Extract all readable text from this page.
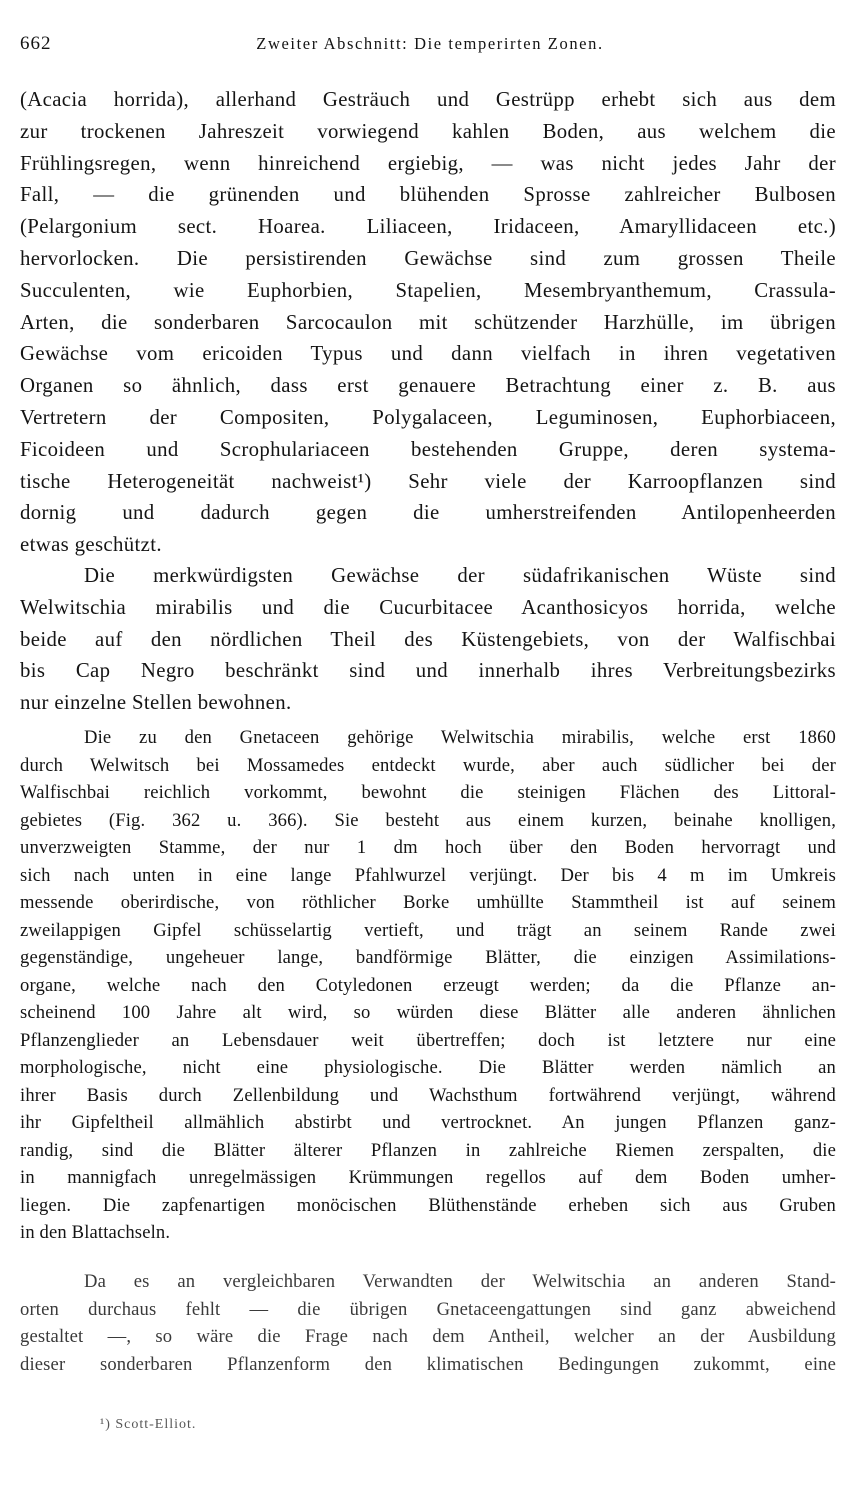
662	Zweiter Abschnitt: Die temperirten Zonen.
(Acacia horrida), allerhand Gesträuch und Gestrüpp erhebt sich aus dem
zur trockenen Jahreszeit vorwiegend kahlen Boden, aus welchem die
Frühlingsregen, wenn hinreichend ergiebig, — was nicht jedes Jahr der
Fall, — die grünenden und blühenden Sprosse zahlreicher Bulbosen
(Pelargonium sect. Hoarea. Liliaceen, Iridaceen, Amaryllidaceen etc.)
hervorlocken. Die persistirenden Gewächse sind zum grossen Theile
Succulenten, wie Euphorbien, Stapelien, Mesembryanthemum, Crassula-
Arten, die sonderbaren Sarcocaulon mit schützender Harzhülle, im übrigen
Gewächse vom ericoiden Typus und dann vielfach in ihren vegetativen
Organen so ähnlich, dass erst genauere Betrachtung einer z. B. aus
Vertretern der Compositen, Polygalaceen, Leguminosen, Euphorbiaceen,
Ficoideen und Scrophulariaceen bestehenden Gruppe, deren systema-
tische Heterogeneität nachweist¹) Sehr viele der Karroopflanzen sind
dornig und dadurch gegen die umherstreifenden Antilopenheerden
etwas geschützt.
Die merkwürdigsten Gewächse der südafrikanischen Wüste sind
Welwitschia mirabilis und die Cucurbitacee Acanthosicyos horrida, welche
beide auf den nördlichen Theil des Küstengebiets, von der Walfischbai
bis Cap Negro beschränkt sind und innerhalb ihres Verbreitungsbezirks
nur einzelne Stellen bewohnen.
Die zu den Gnetaceen gehörige Welwitschia mirabilis, welche erst 1860
durch Welwitsch bei Mossamedes entdeckt wurde, aber auch südlicher bei der
Walfischbai reichlich vorkommt, bewohnt die steinigen Flächen des Littoral-
gebietes (Fig. 362 u. 366). Sie besteht aus einem kurzen, beinahe knolligen,
unverzweigten Stamme, der nur 1 dm hoch über den Boden hervorragt und
sich nach unten in eine lange Pfahlwurzel verjüngt. Der bis 4 m im Umkreis
messende oberirdische, von röthlicher Borke umhüllte Stammtheil ist auf seinem
zweilappigen Gipfel schüsselartig vertieft, und trägt an seinem Rande zwei
gegenständige, ungeheuer lange, bandförmige Blätter, die einzigen Assimilations-
organe, welche nach den Cotyledonen erzeugt werden; da die Pflanze an-
scheinend 100 Jahre alt wird, so würden diese Blätter alle anderen ähnlichen
Pflanzenglieder an Lebensdauer weit übertreffen; doch ist letztere nur eine
morphologische, nicht eine physiologische. Die Blätter werden nämlich an
ihrer Basis durch Zellenbildung und Wachsthum fortwährend verjüngt, während
ihr Gipfeltheil allmählich abstirbt und vertrocknet. An jungen Pflanzen ganz-
randig, sind die Blätter älterer Pflanzen in zahlreiche Riemen zerspalten, die
in mannigfach unregelmässigen Krümmungen regellos auf dem Boden umher-
liegen. Die zapfenartigen monöcischen Blüthenstände erheben sich aus Gruben
in den Blattachseln.
Da es an vergleichbaren Verwandten der Welwitschia an anderen Stand-
orten durchaus fehlt — die übrigen Gnetaceengattungen sind ganz abweichend
gestaltet —, so wäre die Frage nach dem Antheil, welcher an der Ausbildung
dieser sonderbaren Pflanzenform den klimatischen Bedingungen zukommt, eine
¹) Scott-Elliot.
